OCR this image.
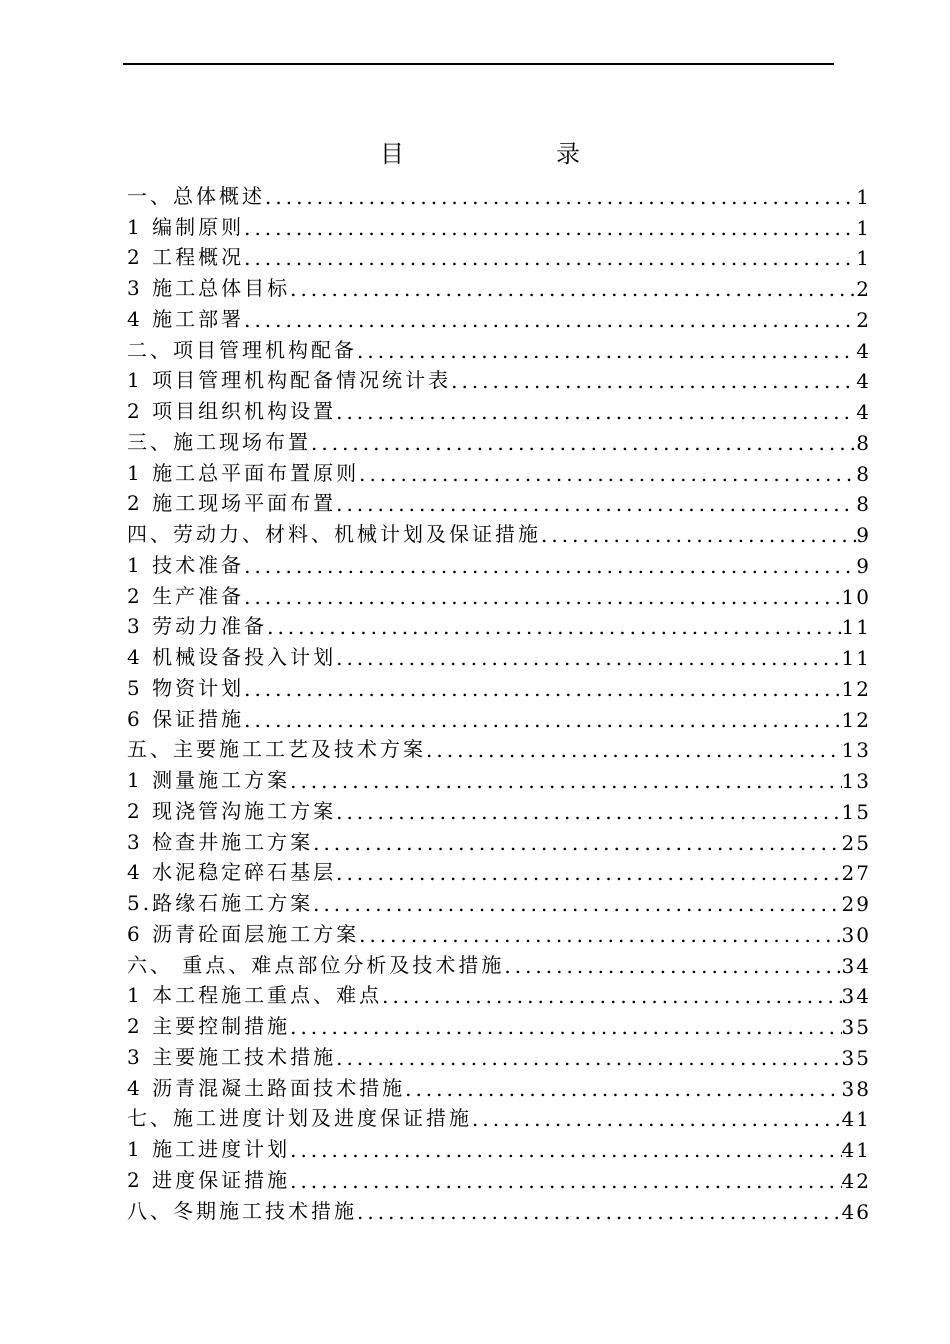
目	录
一、总体概述 .....	1
1 编制原则 .....	1
2 工程概况 .....	1
3 施工总体目标 .....	2
4 施工部署 .....	2
二、项目管理机构配备 .....	4
1 项目管理机构配备情况统计表 .....	4
2 项目组织机构设置 .....	4
三、施工现场布置 .....	8
1 施工总平面布置原则 .....	8
2 施工现场平面布置 .....	8
四、劳动力、材料、机械计划及保证措施 .....	9
1 技术准备 .....	9
2 生产准备 .....	10
3 劳动力准备 .....	11
4 机械设备投入计划 .....	11
5 物资计划 .....	12
6 保证措施 .....	12
五、主要施工工艺及技术方案 .....	13
1 测量施工方案 .....	13
2 现浇管沟施工方案 .....	15
3 检查井施工方案 .....	25
4 水泥稳定碎石基层 .....	27
5.路缘石施工方案 .....	29
6 沥青砼面层施工方案 .....	30
六、 重点、难点部位分析及技术措施 .....	34
1 本工程施工重点、难点 .....	34
2 主要控制措施 .....	35
3 主要施工技术措施 .....	35
4 沥青混凝土路面技术措施 .....	38
七、施工进度计划及进度保证措施 .....	41
1 施工进度计划 .....	41
2 进度保证措施 .....	42
八、冬期施工技术措施 .....	46
